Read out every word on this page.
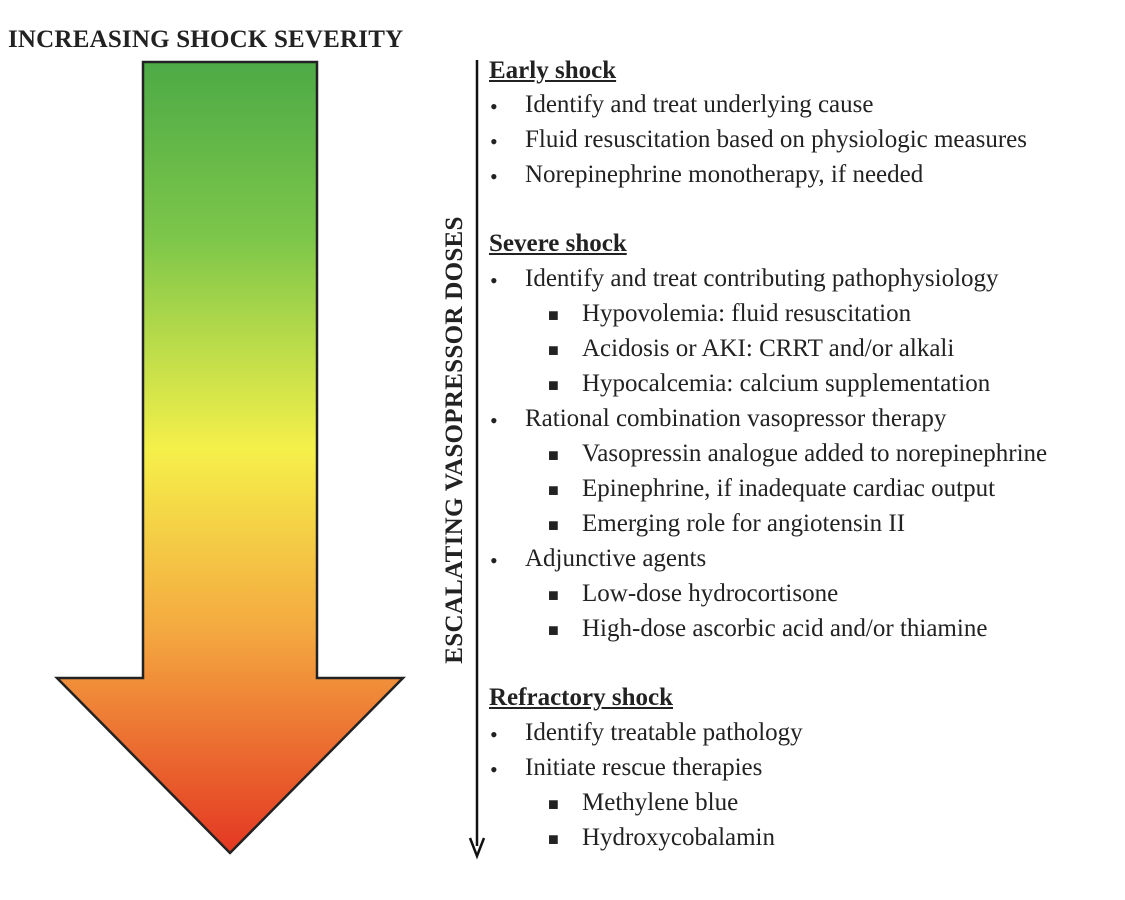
INCREASING SHOCK SEVERITY
ESCALATING VASOPRESSOR DOSES
Early shock
• Identify and treat underlying cause
• Fluid resuscitation based on physiologic measures
• Norepinephrine monotherapy, if needed
Severe shock
• Identify and treat contributing pathophysiology
■ Hypovolemia: fluid resuscitation
■ Acidosis or AKI: CRRT and/or alkali
■ Hypocalcemia: calcium supplementation
• Rational combination vasopressor therapy
■ Vasopressin analogue added to norepinephrine
■ Epinephrine, if inadequate cardiac output
■ Emerging role for angiotensin II
• Adjunctive agents
■ Low-dose hydrocortisone
■ High-dose ascorbic acid and/or thiamine
Refractory shock
• Identify treatable pathology
• Initiate rescue therapies
■ Methylene blue
■ Hydroxycobalamin
